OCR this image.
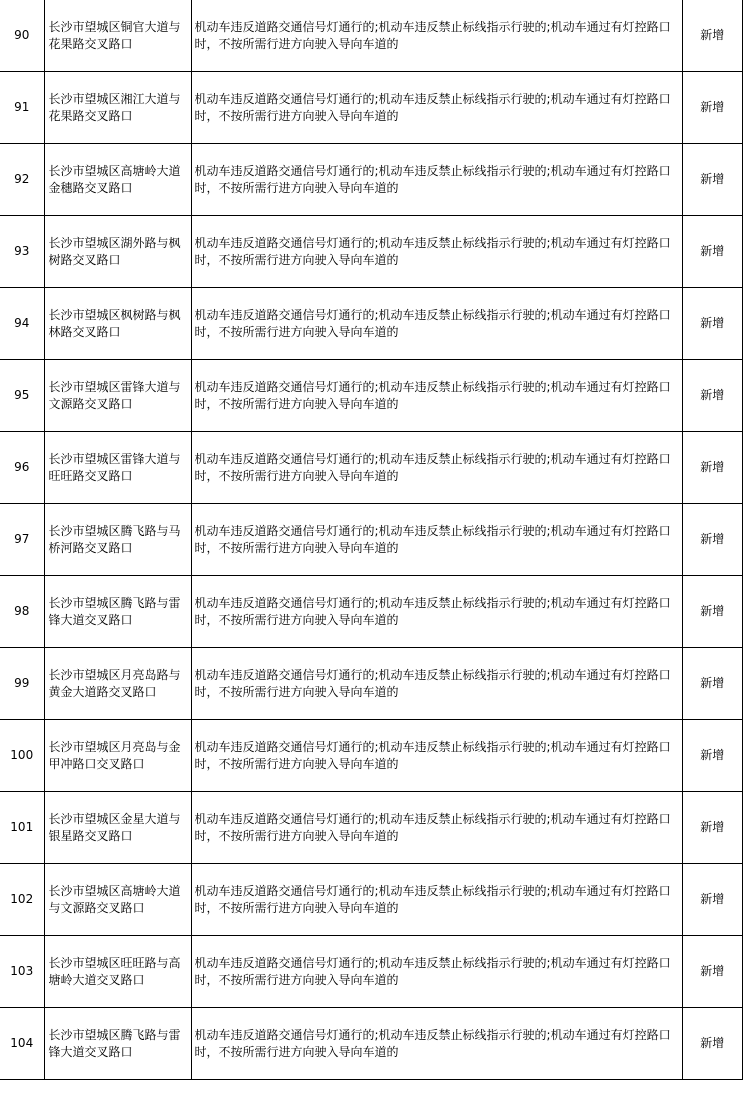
90	长沙市望城区铜官大道与花果路交叉路口	机动车违反道路交通信号灯通行的;机动车违反禁止标线指示行驶的;机动车通过有灯控路口时，不按所需行进方向驶入导向车道的	新增
91	长沙市望城区湘江大道与花果路交叉路口	机动车违反道路交通信号灯通行的;机动车违反禁止标线指示行驶的;机动车通过有灯控路口时，不按所需行进方向驶入导向车道的	新增
92	长沙市望城区高塘岭大道金穗路交叉路口	机动车违反道路交通信号灯通行的;机动车违反禁止标线指示行驶的;机动车通过有灯控路口时，不按所需行进方向驶入导向车道的	新增
93	长沙市望城区湖外路与枫树路交叉路口	机动车违反道路交通信号灯通行的;机动车违反禁止标线指示行驶的;机动车通过有灯控路口时，不按所需行进方向驶入导向车道的	新增
94	长沙市望城区枫树路与枫林路交叉路口	机动车违反道路交通信号灯通行的;机动车违反禁止标线指示行驶的;机动车通过有灯控路口时，不按所需行进方向驶入导向车道的	新增
95	长沙市望城区雷锋大道与文源路交叉路口	机动车违反道路交通信号灯通行的;机动车违反禁止标线指示行驶的;机动车通过有灯控路口时，不按所需行进方向驶入导向车道的	新增
96	长沙市望城区雷锋大道与旺旺路交叉路口	机动车违反道路交通信号灯通行的;机动车违反禁止标线指示行驶的;机动车通过有灯控路口时，不按所需行进方向驶入导向车道的	新增
97	长沙市望城区腾飞路与马桥河路交叉路口	机动车违反道路交通信号灯通行的;机动车违反禁止标线指示行驶的;机动车通过有灯控路口时，不按所需行进方向驶入导向车道的	新增
98	长沙市望城区腾飞路与雷锋大道交叉路口	机动车违反道路交通信号灯通行的;机动车违反禁止标线指示行驶的;机动车通过有灯控路口时，不按所需行进方向驶入导向车道的	新增
99	长沙市望城区月亮岛路与黄金大道路交叉路口	机动车违反道路交通信号灯通行的;机动车违反禁止标线指示行驶的;机动车通过有灯控路口时，不按所需行进方向驶入导向车道的	新增
100	长沙市望城区月亮岛与金甲冲路口交叉路口	机动车违反道路交通信号灯通行的;机动车违反禁止标线指示行驶的;机动车通过有灯控路口时，不按所需行进方向驶入导向车道的	新增
101	长沙市望城区金星大道与银星路交叉路口	机动车违反道路交通信号灯通行的;机动车违反禁止标线指示行驶的;机动车通过有灯控路口时，不按所需行进方向驶入导向车道的	新增
102	长沙市望城区高塘岭大道与文源路交叉路口	机动车违反道路交通信号灯通行的;机动车违反禁止标线指示行驶的;机动车通过有灯控路口时，不按所需行进方向驶入导向车道的	新增
103	长沙市望城区旺旺路与高塘岭大道交叉路口	机动车违反道路交通信号灯通行的;机动车违反禁止标线指示行驶的;机动车通过有灯控路口时，不按所需行进方向驶入导向车道的	新增
104	长沙市望城区腾飞路与雷锋大道交叉路口	机动车违反道路交通信号灯通行的;机动车违反禁止标线指示行驶的;机动车通过有灯控路口时，不按所需行进方向驶入导向车道的	新增
